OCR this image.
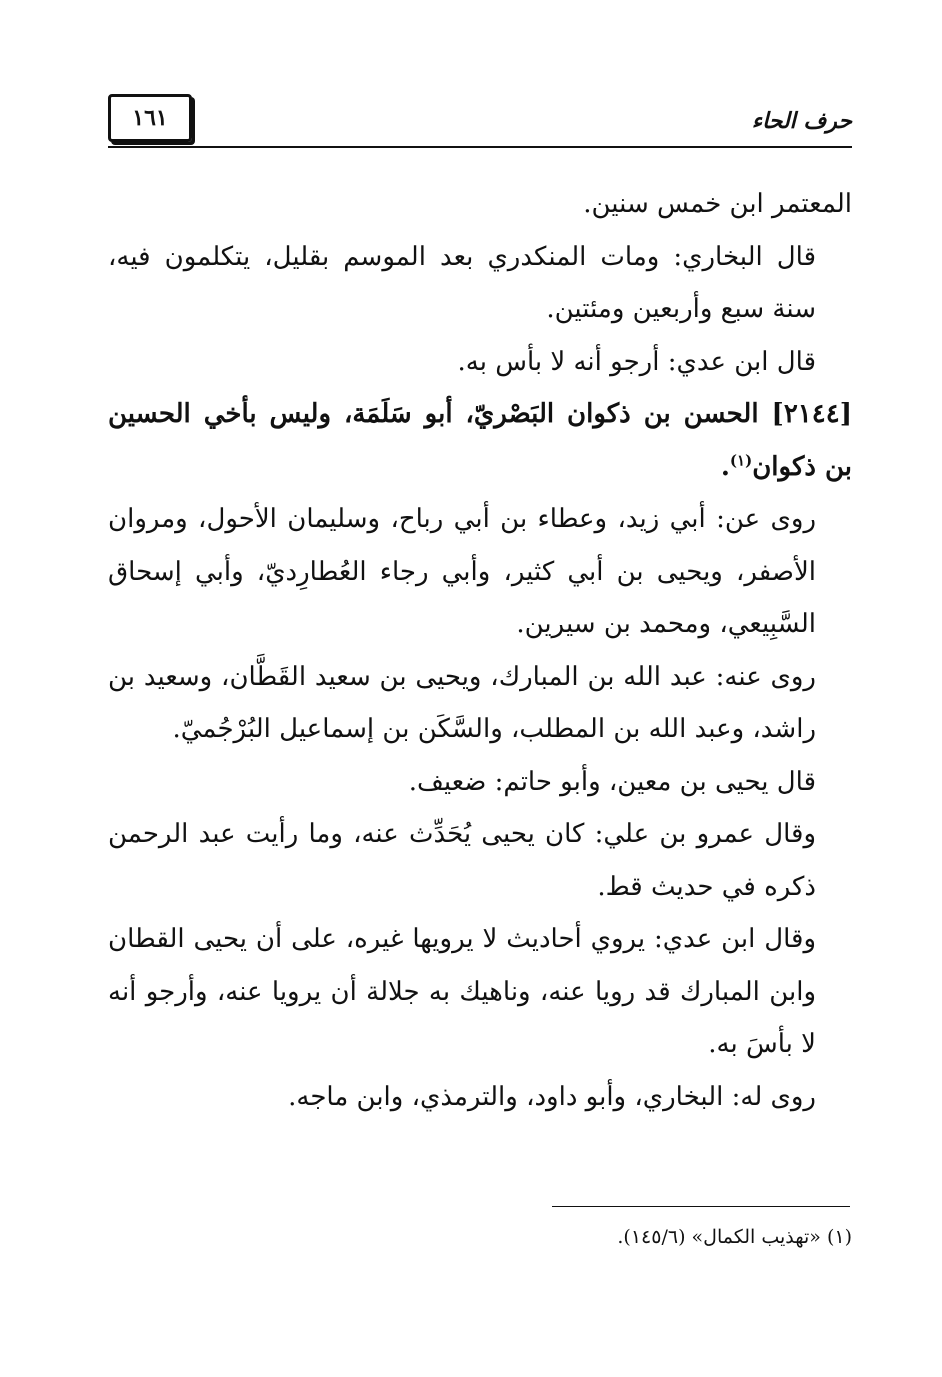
١٦١	حرف الحاء

المعتمر ابن خمس سنين.

قال البخاري: ومات المنكدري بعد الموسم بقليل، يتكلمون فيه، سنة سبع وأربعين ومئتين.

قال ابن عدي: أرجو أنه لا بأس به.

[٢١٤٤] الحسن بن ذكوان البَصْريّ، أبو سَلَمَة، وليس بأخي الحسين بن ذكوان$^{(١)}$.

روى عن: أبي زيد، وعطاء بن أبي رباح، وسليمان الأحول، ومروان الأصفر، ويحيى بن أبي كثير، وأبي رجاء العُطارِديّ، وأبي إسحاق السَّبِيعي، ومحمد بن سيرين.

روى عنه: عبد الله بن المبارك، ويحيى بن سعيد القَطَّان، وسعيد بن راشد، وعبد الله بن المطلب، والسَّكَن بن إسماعيل البُرْجُميّ.

قال يحيى بن معين، وأبو حاتم: ضعيف.

وقال عمرو بن علي: كان يحيى يُحَدِّث عنه، وما رأيت عبد الرحمن ذكره في حديث قط.

وقال ابن عدي: يروي أحاديث لا يرويها غيره، على أن يحيى القطان وابن المبارك قد رويا عنه، وناهيك به جلالة أن يرويا عنه، وأرجو أنه لا بأسَ به.

روى له: البخاري، وأبو داود، والترمذي، وابن ماجه.

(١) «تهذيب الكمال» (١٤٥/٦).
